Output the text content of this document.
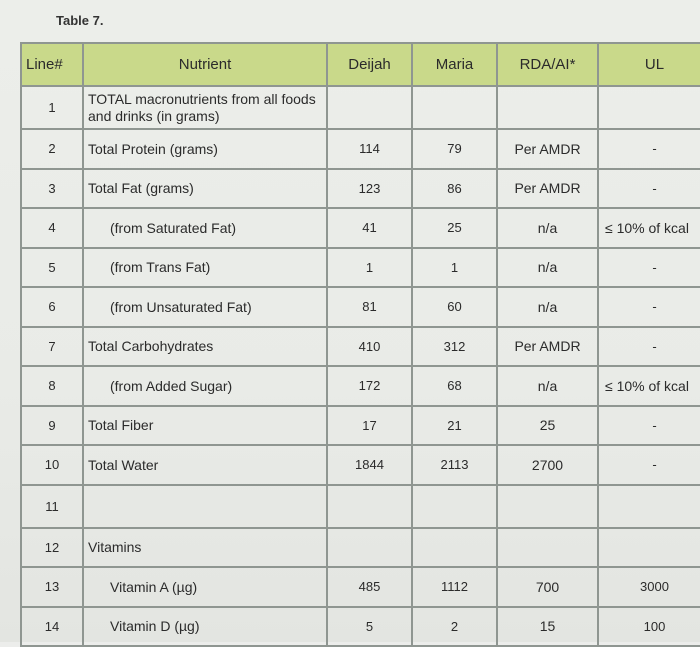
Table 7.
Line#	Nutrient	Deijah	Maria	RDA/AI*	UL
1	TOTAL macronutrients from all foods and drinks (in grams)				
2	Total Protein (grams)	114	79	Per AMDR	-
3	Total Fat (grams)	123	86	Per AMDR	-
4	(from Saturated Fat)	41	25	n/a	≤ 10% of kcal
5	(from Trans Fat)	1	1	n/a	-
6	(from Unsaturated Fat)	81	60	n/a	-
7	Total Carbohydrates	410	312	Per AMDR	-
8	(from Added Sugar)	172	68	n/a	≤ 10% of kcal
9	Total Fiber	17	21	25	-
10	Total Water	1844	2113	2700	-
11					
12	Vitamins				
13	Vitamin A (µg)	485	1112	700	3000
14	Vitamin D (µg)	5	2	15	100
